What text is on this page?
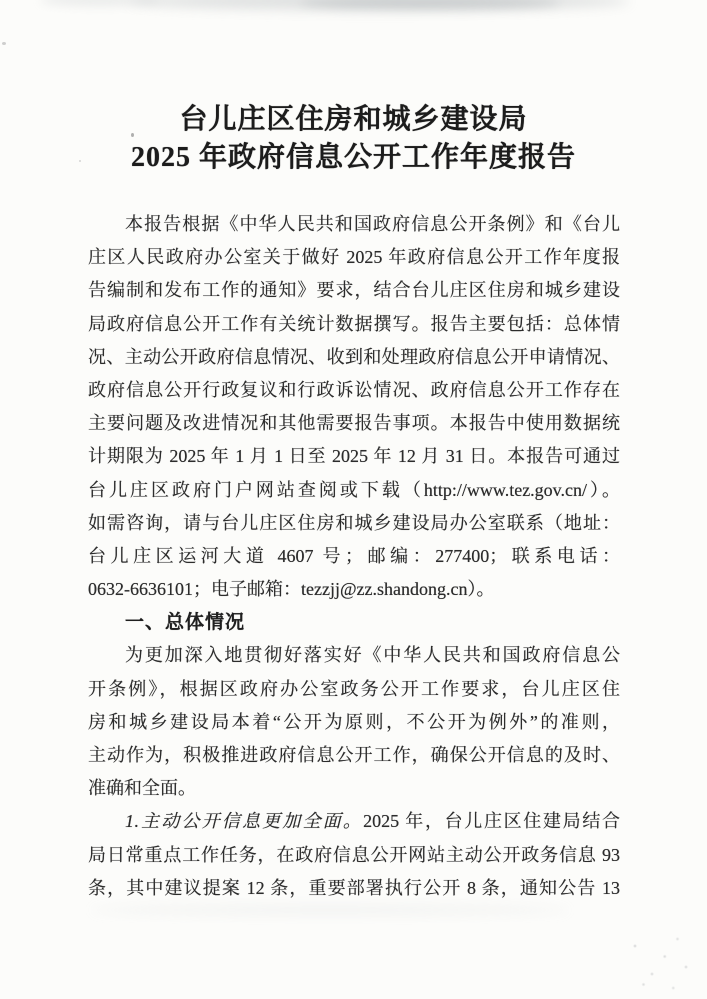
台儿庄区住房和城乡建设局
2025 年政府信息公开工作年度报告
本报告根据《中华人民共和国政府信息公开条例》和《台儿
庄区人民政府办公室关于做好 2025 年政府信息公开工作年度报
告编制和发布工作的通知》要求，结合台儿庄区住房和城乡建设
局政府信息公开工作有关统计数据撰写。报告主要包括：总体情
况、主动公开政府信息情况、收到和处理政府信息公开申请情况、
政府信息公开行政复议和行政诉讼情况、政府信息公开工作存在
主要问题及改进情况和其他需要报告事项。本报告中使用数据统
计期限为 2025 年 1 月 1 日至 2025 年 12 月 31 日。本报告可通过
台儿庄区政府门户网站查阅或下载（http://www.tez.gov.cn/）。
如需咨询，请与台儿庄区住房和城乡建设局办公室联系（地址：
台儿庄区运河大道 4607 号；邮编：277400；联系电话：
0632-6636101；电子邮箱：tezzjj@zz.shandong.cn）。
一、总体情况
为更加深入地贯彻好落实好《中华人民共和国政府信息公
开条例》，根据区政府办公室政务公开工作要求，台儿庄区住
房和城乡建设局本着“公开为原则，不公开为例外”的准则，
主动作为，积极推进政府信息公开工作，确保公开信息的及时、
准确和全面。
1.主动公开信息更加全面。2025 年，台儿庄区住建局结合
局日常重点工作任务，在政府信息公开网站主动公开政务信息 93
条，其中建议提案 12 条，重要部署执行公开 8 条，通知公告 13
